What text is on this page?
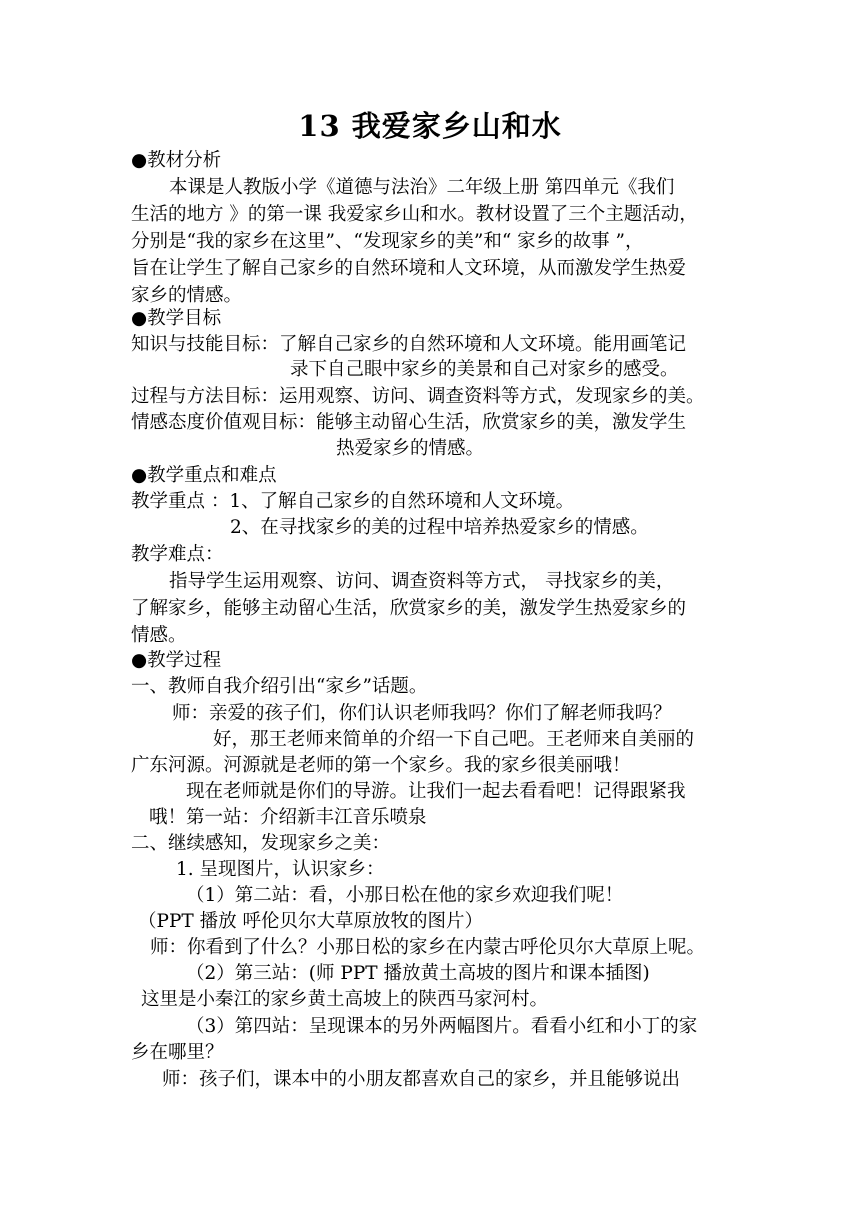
13 我爱家乡山和水
●教材分析
本课是人教版小学《道德与法治》二年级上册 第四单元《我们
生活的地方 》的第一课 我爱家乡山和水。教材设置了三个主题活动，
分别是“我的家乡在这里”、“发现家乡的美”和“ 家乡的故事 ”，
旨在让学生了解自己家乡的自然环境和人文环境，从而激发学生热爱
家乡的情感。
●教学目标
知识与技能目标：了解自己家乡的自然环境和人文环境。能用画笔记
录下自己眼中家乡的美景和自己对家乡的感受。
过程与方法目标：运用观察、访问、调查资料等方式，发现家乡的美。
情感态度价值观目标：能够主动留心生活，欣赏家乡的美，激发学生
热爱家乡的情感。
●教学重点和难点
教学重点 ：1、了解自己家乡的自然环境和人文环境。
2、在寻找家乡的美的过程中培养热爱家乡的情感。
教学难点：
指导学生运用观察、访问、调查资料等方式， 寻找家乡的美，
了解家乡，能够主动留心生活，欣赏家乡的美，激发学生热爱家乡的
情感。
●教学过程
一、教师自我介绍引出“家乡”话题。
师：亲爱的孩子们，你们认识老师我吗？你们了解老师我吗？
好，那王老师来简单的介绍一下自己吧。王老师来自美丽的
广东河源。河源就是老师的第一个家乡。我的家乡很美丽哦！
现在老师就是你们的导游。让我们一起去看看吧！记得跟紧我
哦！第一站：介绍新丰江音乐喷泉
二、继续感知，发现家乡之美：
1. 呈现图片，认识家乡：
（1）第二站：看，小那日松在他的家乡欢迎我们呢！
（PPT 播放 呼伦贝尔大草原放牧的图片）
师：你看到了什么？小那日松的家乡在内蒙古呼伦贝尔大草原上呢。
（2）第三站：(师 PPT 播放黄土高坡的图片和课本插图)
这里是小秦江的家乡黄土高坡上的陕西马家河村。
（3）第四站：呈现课本的另外两幅图片。看看小红和小丁的家
乡在哪里？
师：孩子们，课本中的小朋友都喜欢自己的家乡，并且能够说出
